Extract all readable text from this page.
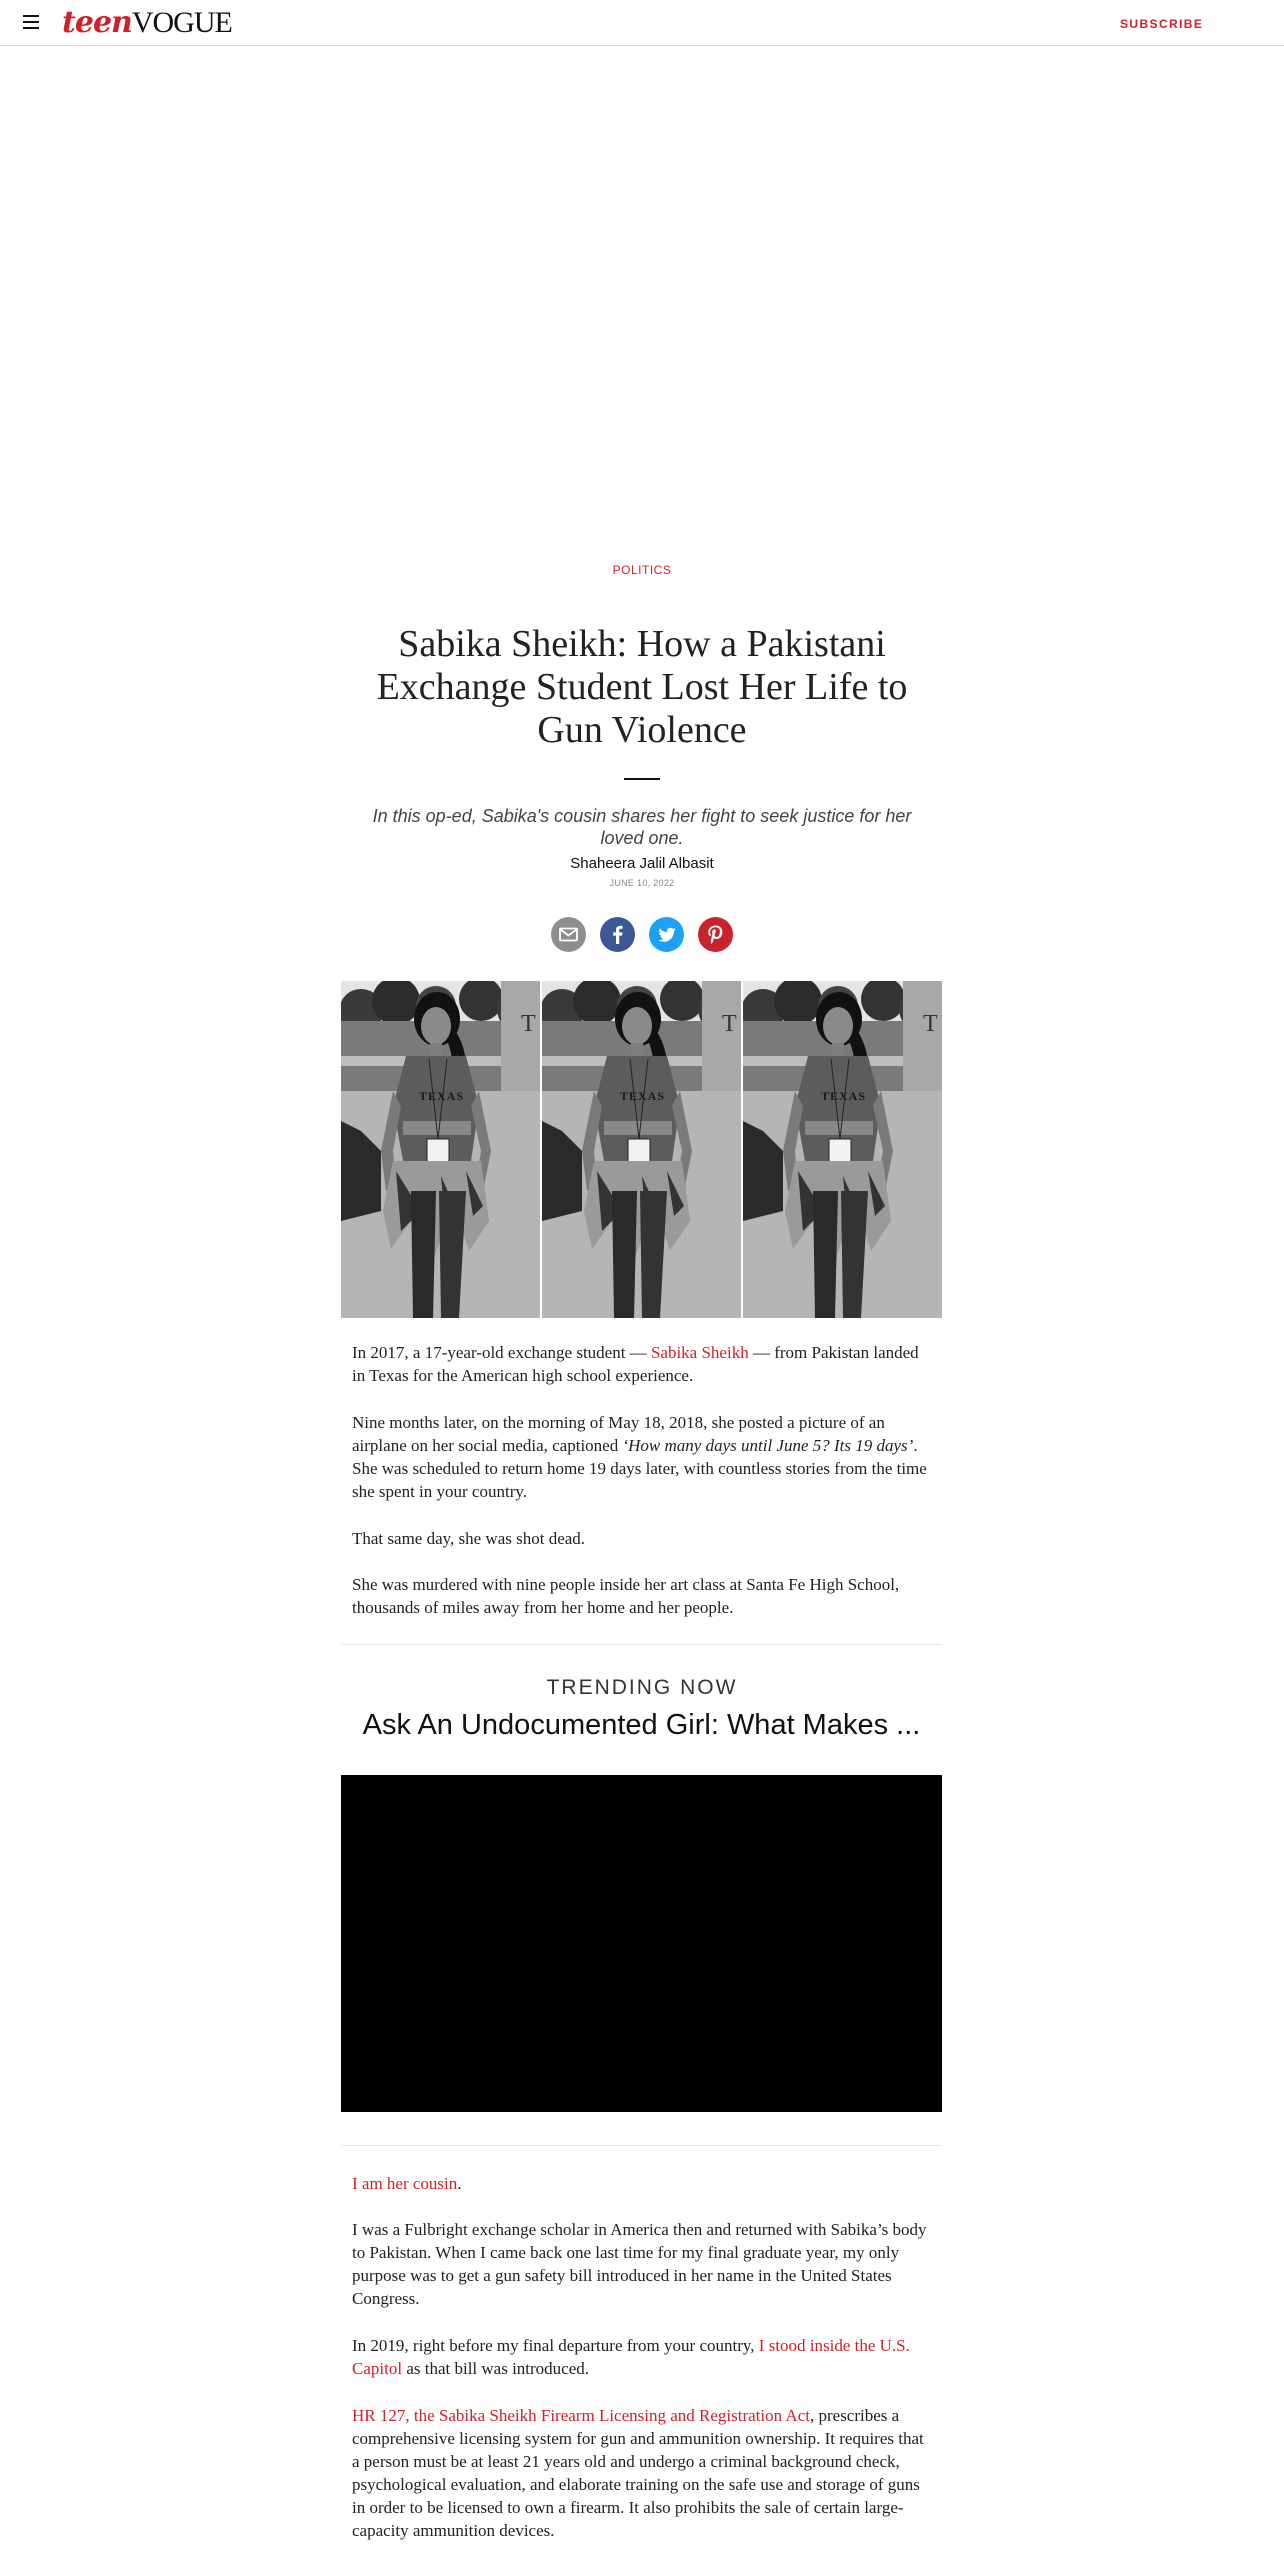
teenVOGUE	SUBSCRIBE
POLITICS
Sabika Sheikh: How a Pakistani Exchange Student Lost Her Life to Gun Violence
In this op-ed, Sabika's cousin shares her fight to seek justice for her loved one.
Shaheera Jalil Albasit
JUNE 10, 2022

T
TEXAS
T
TEXAS
T
TEXAS

In 2017, a 17-year-old exchange student — Sabika Sheikh — from Pakistan landed in Texas for the American high school experience.

Nine months later, on the morning of May 18, 2018, she posted a picture of an airplane on her social media, captioned ‘How many days until June 5? Its 19 days’. She was scheduled to return home 19 days later, with countless stories from the time she spent in your country.

That same day, she was shot dead.

She was murdered with nine people inside her art class at Santa Fe High School, thousands of miles away from her home and her people.

TRENDING NOW
Ask An Undocumented Girl: What Makes ...

I am her cousin.

I was a Fulbright exchange scholar in America then and returned with Sabika’s body to Pakistan. When I came back one last time for my final graduate year, my only purpose was to get a gun safety bill introduced in her name in the United States Congress.

In 2019, right before my final departure from your country, I stood inside the U.S. Capitol as that bill was introduced.

HR 127, the Sabika Sheikh Firearm Licensing and Registration Act, prescribes a comprehensive licensing system for gun and ammunition ownership. It requires that a person must be at least 21 years old and undergo a criminal background check, psychological evaluation, and elaborate training on the safe use and storage of guns in order to be licensed to own a firearm. It also prohibits the sale of certain large-capacity ammunition devices.
